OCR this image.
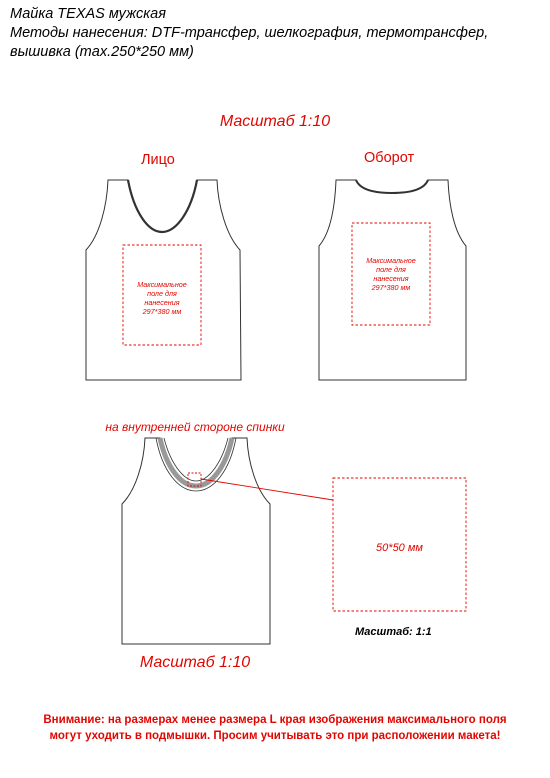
Майка TEXAS мужская
Методы нанесения: DTF-трансфер, шелкография, термотрансфер,
вышивка (max.250*250 мм)
Масштаб 1:10
Лицо	Оборот
Максимальное
поле для
нанесения
297*380 мм
Максимальное
поле для
нанесения
297*380 мм
на внутренней стороне спинки
50*50 мм
Масштаб: 1:1
Масштаб 1:10
Внимание: на размерах менее размера L края изображения максимального поля
могут уходить в подмышки. Просим учитывать это при расположении макета!
